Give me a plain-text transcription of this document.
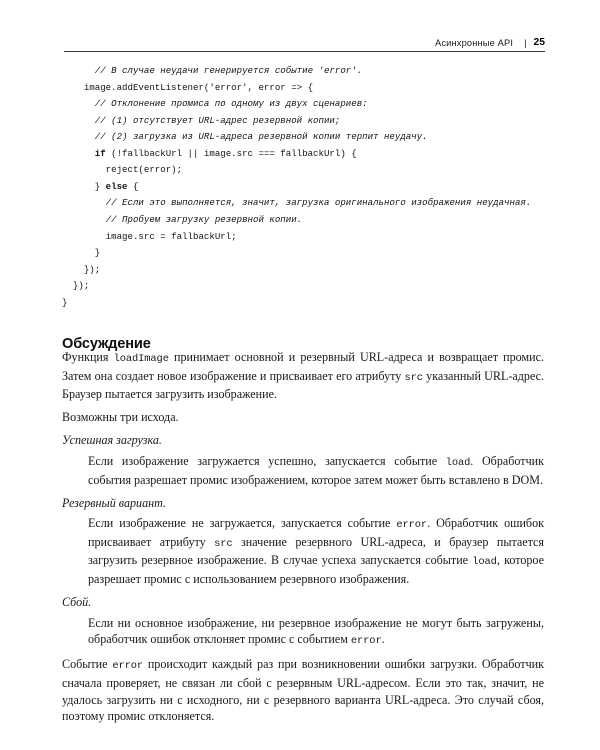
Асинхронные API | 25
// В случае неудачи генерируется событие 'error'.
image.addEventListener('error', error => {
// Отклонение промиса по одному из двух сценариев:
// (1) отсутствует URL-адрес резервной копии;
// (2) загрузка из URL-адреса резервной копии терпит неудачу.
if (!fallbackUrl || image.src === fallbackUrl) {
reject(error);
} else {
// Если это выполняется, значит, загрузка оригинального изображения неудачная.
// Пробуем загрузку резервной копии.
image.src = fallbackUrl;
}
});
});
}
Обсуждение

Функция loadImage принимает основной и резервный URL-адреса и возвращает промис. Затем она создает новое изображение и присваивает его атрибуту src указанный URL-адрес. Браузер пытается загрузить изображение.

Возможны три исхода.

Успешная загрузка.

Если изображение загружается успешно, запускается событие load. Обработчик события разрешает промис изображением, которое затем может быть вставлено в DOM.

Резервный вариант.

Если изображение не загружается, запускается событие error. Обработчик ошибок присваивает атрибуту src значение резервного URL-адреса, и браузер пытается загрузить резервное изображение. В случае успеха запускается событие load, которое разрешает промис с использованием резервного изображения.

Сбой.

Если ни основное изображение, ни резервное изображение не могут быть загружены, обработчик ошибок отклоняет промис с событием error.

Событие error происходит каждый раз при возникновении ошибки загрузки. Обработчик сначала проверяет, не связан ли сбой с резервным URL-адресом. Если это так, значит, не удалось загрузить ни с исходного, ни с резервного варианта URL-адреса. Это случай сбоя, поэтому промис отклоняется.
